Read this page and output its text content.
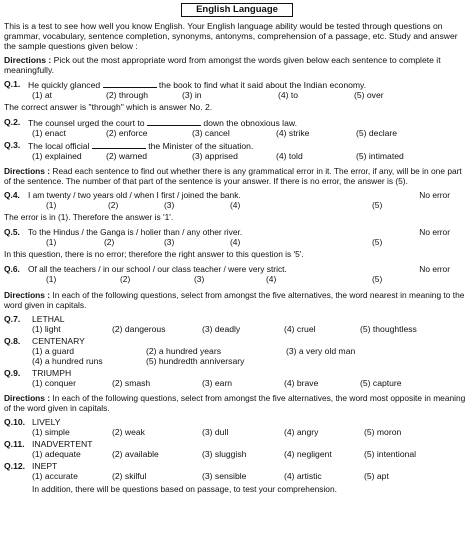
English Language

This is a test to see how well you know English. Your English language ability would be tested through questions on grammar, vocabulary, sentence completion, synonyms, antonyms, comprehension of a passage, etc. Study and answer the sample questions given below :

Directions : Pick out the most appropriate word from amongst the words given below each sentence to complete it meaningfully.

Q.1. He quickly glanced	the book to find what it said about the Indian economy.
(1) at	(2) through	(3) in	(4) to	(5) over

The correct answer is "through" which is answer No. 2.

Q.2. The counsel urged the court to	down the obnoxious law.
(1) enact	(2) enforce	(3) cancel	(4) strike	(5) declare
Q.3. The local official	the Minister of the situation.
(1) explained	(2) warned	(3) apprised	(4) told	(5) intimated

Directions : Read each sentence to find out whether there is any grammatical error in it. The error, if any, will be in one part of the sentence. The number of that part of the sentence is your answer. If there is no error, the answer is (5).

Q.4. I am twenty / two years old / when I first / joined the bank.	No error
(1)	(2)	(3)	(4)	(5)

The error is in (1). Therefore the answer is '1'.

Q.5. To the Hindus / the Ganga is / holier than / any other river.	No error
(1)	(2)	(3)	(4)	(5)

In this question, there is no error; therefore the right answer to this question is '5'.

Q.6. Of all the teachers / in our school / our class teacher / were very strict.	No error
(1)	(2)	(3)	(4)	(5)

Directions : In each of the following questions, select from amongst the five alternatives, the word nearest in meaning to the word given in capitals.

Q.7.	LETHAL
(1) light	(2) dangerous	(3) deadly	(4) cruel	(5) thoughtless
Q.8.	CENTENARY
(1) a guard	(2) a hundred years	(3) a very old man
(4) a hundred runs	(5) hundredth anniversary
Q.9.	TRIUMPH
(1) conquer	(2) smash	(3) earn	(4) brave	(5) capture

Directions : In each of the following questions, select from amongst the five alternatives, the word most opposite in meaning of the word given in capitals.

Q.10. LIVELY
(1) simple	(2) weak	(3) dull	(4) angry	(5) moron
Q.11. INADVERTENT
(1) adequate	(2) available	(3) sluggish	(4) negligent	(5) intentional
Q.12. INEPT
(1) accurate	(2) skilful	(3) sensible	(4) artistic	(5) apt

In addition, there will be questions based on passage, to test your comprehension.
